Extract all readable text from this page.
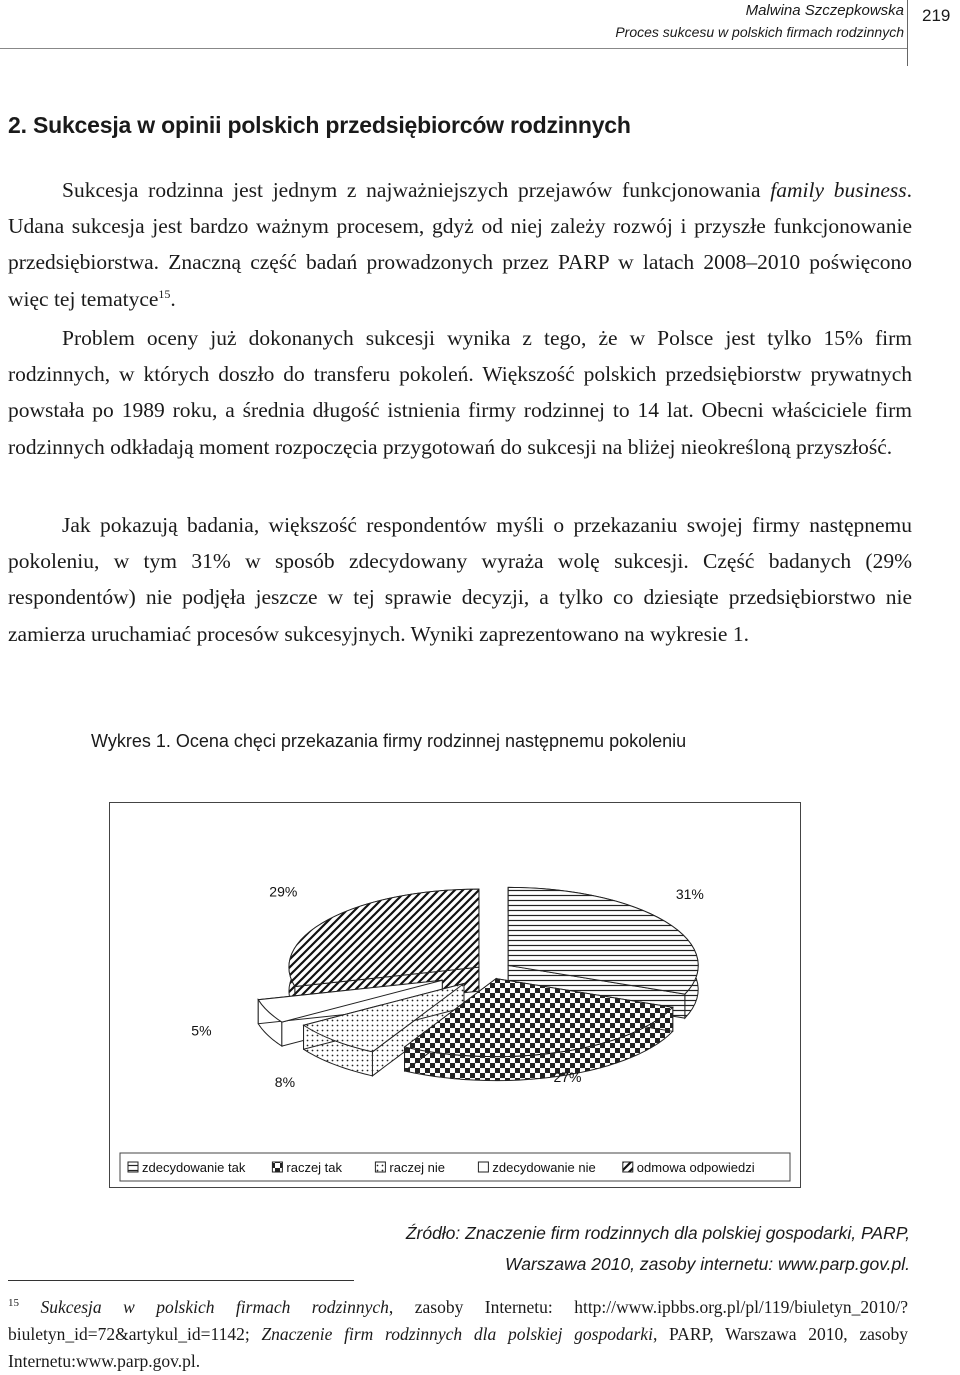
Malwina Szczepkowska
Proces sukcesu w polskich firmach rodzinnych
219
2. Sukcesja w opinii polskich przedsiębiorców rodzinnych

Sukcesja rodzinna jest jednym z najważniejszych przejawów funkcjonowania family business. Udana sukcesja jest bardzo ważnym procesem, gdyż od niej zależy rozwój i przyszłe funkcjonowanie przedsiębiorstwa. Znaczną część badań prowadzonych przez PARP w latach 2008–2010 poświęcono więc tej tematyce$^{15}$.

Problem oceny już dokonanych sukcesji wynika z tego, że w Polsce jest tylko 15% firm rodzinnych, w których doszło do transferu pokoleń. Większość polskich przedsiębiorstw prywatnych powstała po 1989 roku, a średnia długość istnienia firmy rodzinnej to 14 lat. Obecni właściciele firm rodzinnych odkładają moment rozpoczęcia przygotowań do sukcesji na bliżej nieokreśloną przyszłość.

Jak pokazują badania, większość respondentów myśli o przekazaniu swojej firmy następnemu pokoleniu, w tym 31% w sposób zdecydowany wyraża wolę sukcesji. Część badanych (29% respondentów) nie podjęła jeszcze w tej sprawie decyzji, a tylko co dziesiąte przedsiębiorstwo nie zamierza uruchamiać procesów sukcesyjnych. Wyniki zaprezentowano na wykresie 1.

Wykres 1. Ocena chęci przekazania firmy rodzinnej następnemu pokoleniu
29%	31%
5%
8%	27%
zdecydowanie tak	raczej tak	raczej nie	zdecydowanie nie	odmowa odpowiedzi
Źródło: Znaczenie firm rodzinnych dla polskiej gospodarki, PARP,
Warszawa 2010, zasoby internetu: www.parp.gov.pl.
$^{15}$ Sukcesja w polskich firmach rodzinnych, zasoby Internetu: http://www.ipbbs.org.pl/pl/119/biuletyn_2010/?biuletyn_id=72&artykul_id=1142; Znaczenie firm rodzinnych dla polskiej gospodarki, PARP, Warszawa 2010, zasoby Internetu:www.parp.gov.pl.
